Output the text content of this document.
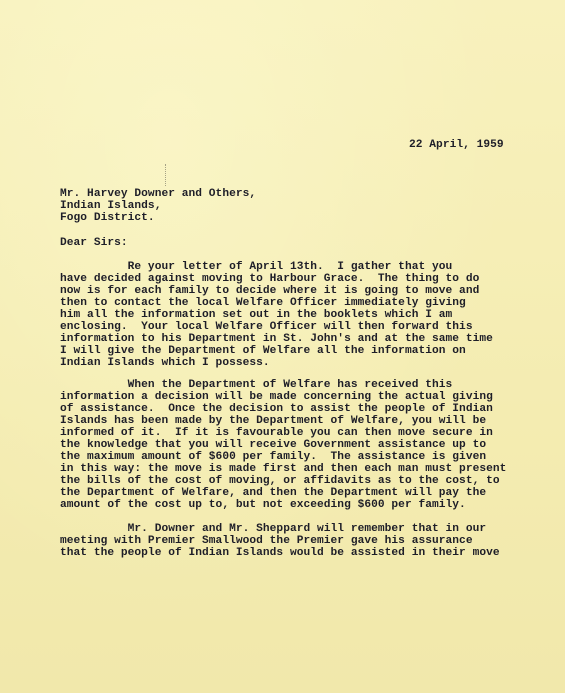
22 April, 1959
Mr. Harvey Downer and Others,
Indian Islands,
Fogo District.
Dear Sirs:
Re your letter of April 13th.  I gather that you
have decided against moving to Harbour Grace.  The thing to do
now is for each family to decide where it is going to move and
then to contact the local Welfare Officer immediately giving
him all the information set out in the booklets which I am
enclosing.  Your local Welfare Officer will then forward this
information to his Department in St. John's and at the same time
I will give the Department of Welfare all the information on
Indian Islands which I possess.
When the Department of Welfare has received this
information a decision will be made concerning the actual giving
of assistance.  Once the decision to assist the people of Indian
Islands has been made by the Department of Welfare, you will be
informed of it.  If it is favourable you can then move secure in
the knowledge that you will receive Government assistance up to
the maximum amount of $600 per family.  The assistance is given
in this way: the move is made first and then each man must present
the bills of the cost of moving, or affidavits as to the cost, to
the Department of Welfare, and then the Department will pay the
amount of the cost up to, but not exceeding $600 per family.
Mr. Downer and Mr. Sheppard will remember that in our
meeting with Premier Smallwood the Premier gave his assurance
that the people of Indian Islands would be assisted in their move
